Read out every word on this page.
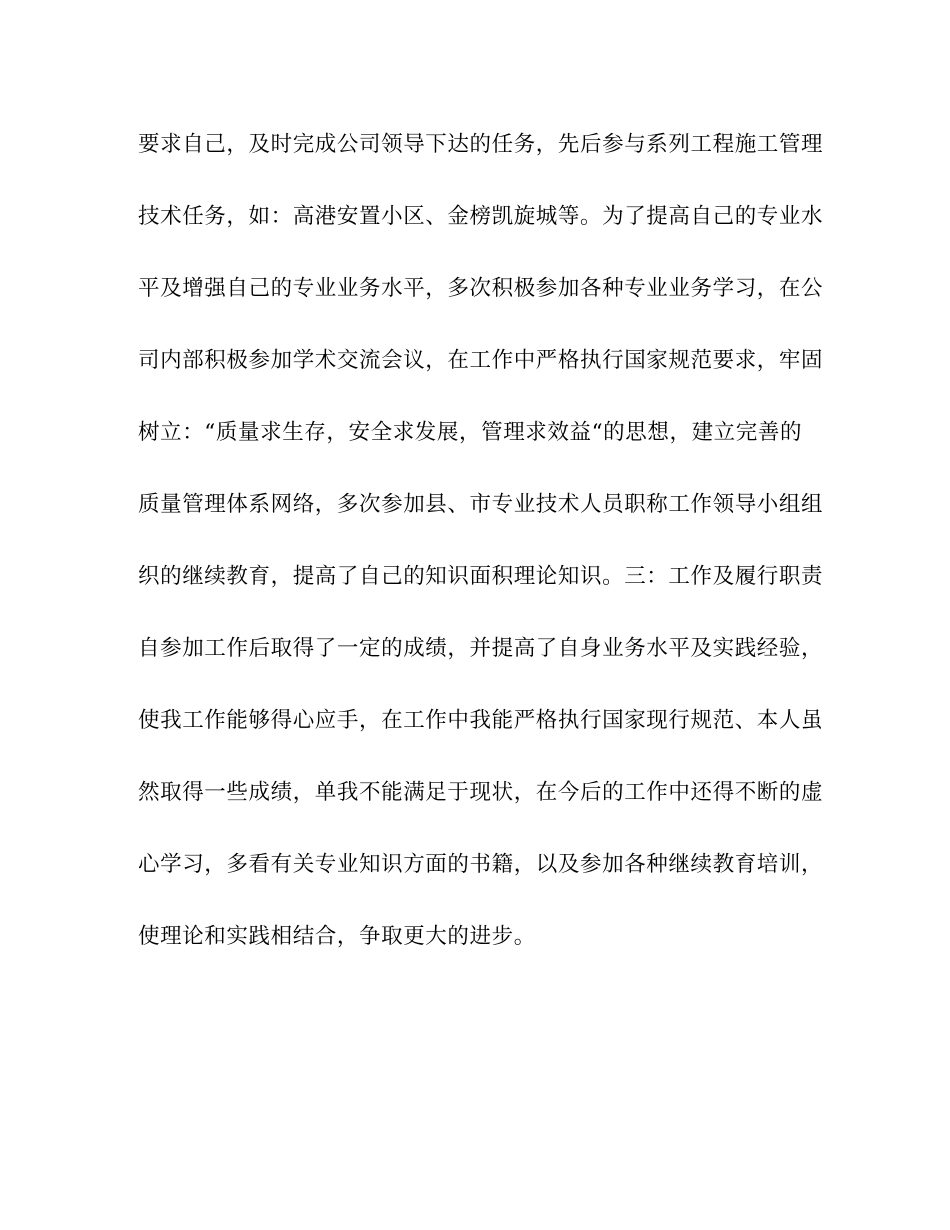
要求自己，及时完成公司领导下达的任务，先后参与系列工程施工管理
技术任务，如：高港安置小区、金榜凯旋城等。为了提高自己的专业水
平及增强自己的专业业务水平，多次积极参加各种专业业务学习，在公
司内部积极参加学术交流会议，在工作中严格执行国家规范要求，牢固
树立：“质量求生存，安全求发展，管理求效益“的思想，建立完善的
质量管理体系网络，多次参加县、市专业技术人员职称工作领导小组组
织的继续教育，提高了自己的知识面积理论知识。三：工作及履行职责
自参加工作后取得了一定的成绩，并提高了自身业务水平及实践经验，
使我工作能够得心应手，在工作中我能严格执行国家现行规范、本人虽
然取得一些成绩，单我不能满足于现状，在今后的工作中还得不断的虚
心学习，多看有关专业知识方面的书籍，以及参加各种继续教育培训，
使理论和实践相结合，争取更大的进步。
